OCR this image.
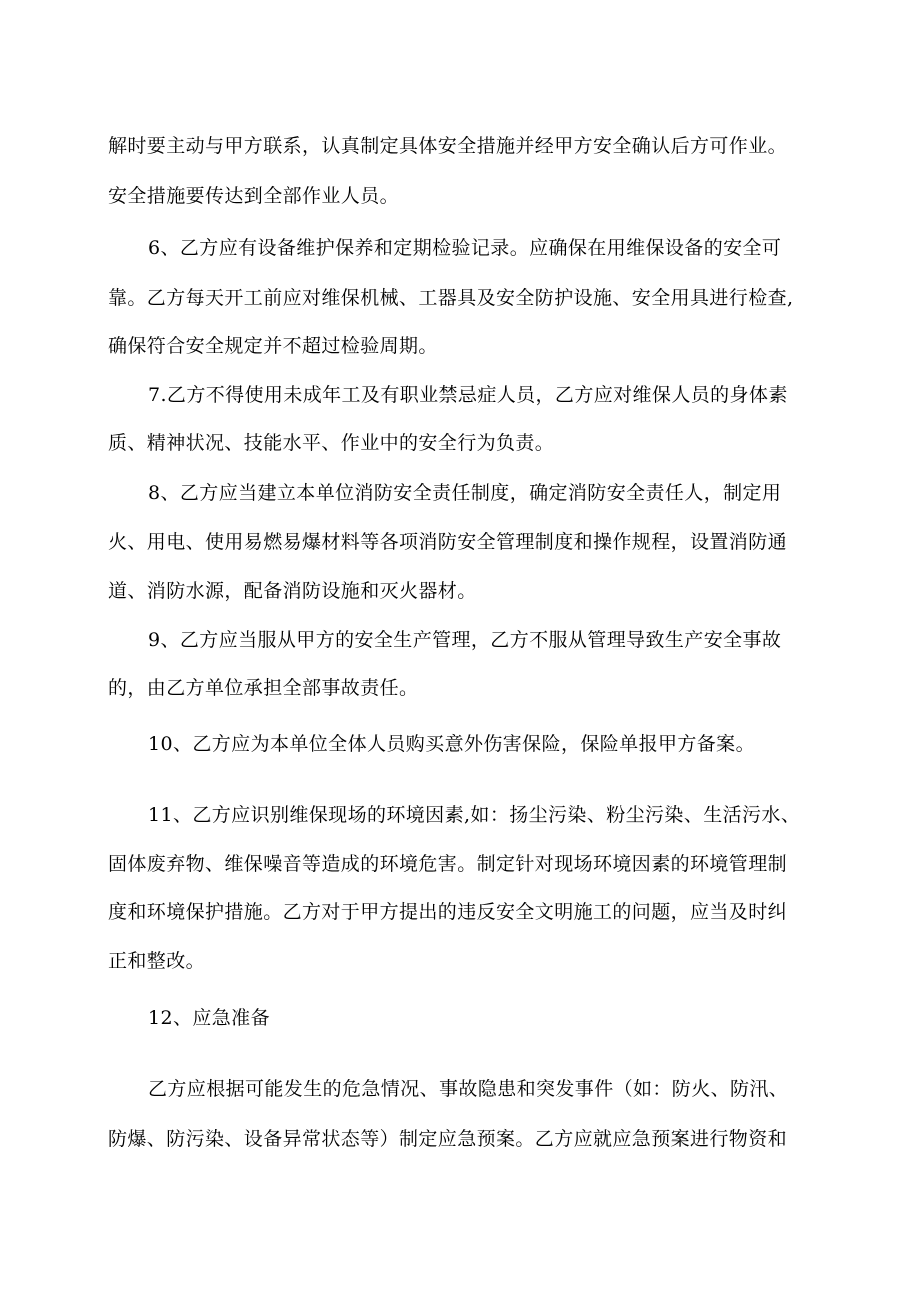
解时要主动与甲方联系，认真制定具体安全措施并经甲方安全确认后方可作业。
安全措施要传达到全部作业人员。
6、乙方应有设备维护保养和定期检验记录。应确保在用维保设备的安全可
靠。乙方每天开工前应对维保机械、工器具及安全防护设施、安全用具进行检查,
确保符合安全规定并不超过检验周期。
7.乙方不得使用未成年工及有职业禁忌症人员，乙方应对维保人员的身体素
质、精神状况、技能水平、作业中的安全行为负责。
8、乙方应当建立本单位消防安全责任制度，确定消防安全责任人，制定用
火、用电、使用易燃易爆材料等各项消防安全管理制度和操作规程，设置消防通
道、消防水源，配备消防设施和灭火器材。
9、乙方应当服从甲方的安全生产管理，乙方不服从管理导致生产安全事故
的，由乙方单位承担全部事故责任。
10、乙方应为本单位全体人员购买意外伤害保险，保险单报甲方备案。
11、乙方应识别维保现场的环境因素,如：扬尘污染、粉尘污染、生活污水、
固体废弃物、维保噪音等造成的环境危害。制定针对现场环境因素的环境管理制
度和环境保护措施。乙方对于甲方提出的违反安全文明施工的问题，应当及时纠
正和整改。
12、应急准备
乙方应根据可能发生的危急情况、事故隐患和突发事件（如：防火、防汛、
防爆、防污染、设备异常状态等）制定应急预案。乙方应就应急预案进行物资和
